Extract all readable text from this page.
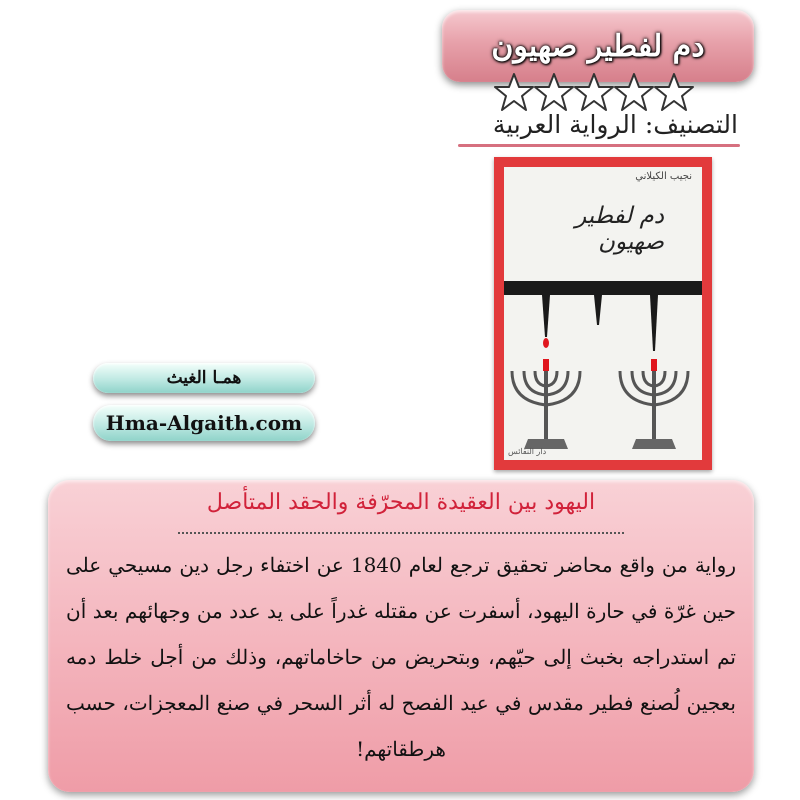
دم لفطير صهيون
التصنيف: الرواية العربية
نجيب الكيلاني
دم لفطير صهيون
دار النفائس
همـا الغيث
Hma-Algaith.com
اليهود بين العقيدة المحرّفة والحقد المتأصل
رواية من واقع محاضر تحقيق ترجع لعام 1840 عن اختفاء رجل دين مسيحي على حين غرّة في حارة اليهود، أسفرت عن مقتله غدراً على يد عدد من وجهائهم بعد أن تم استدراجه بخبث إلى حيّهم، وبتحريض من حاخاماتهم، وذلك من أجل خلط دمه بعجين لُصنع فطير مقدس في عيد الفصح له أثر السحر في صنع المعجزات، حسب هرطقاتهم!
